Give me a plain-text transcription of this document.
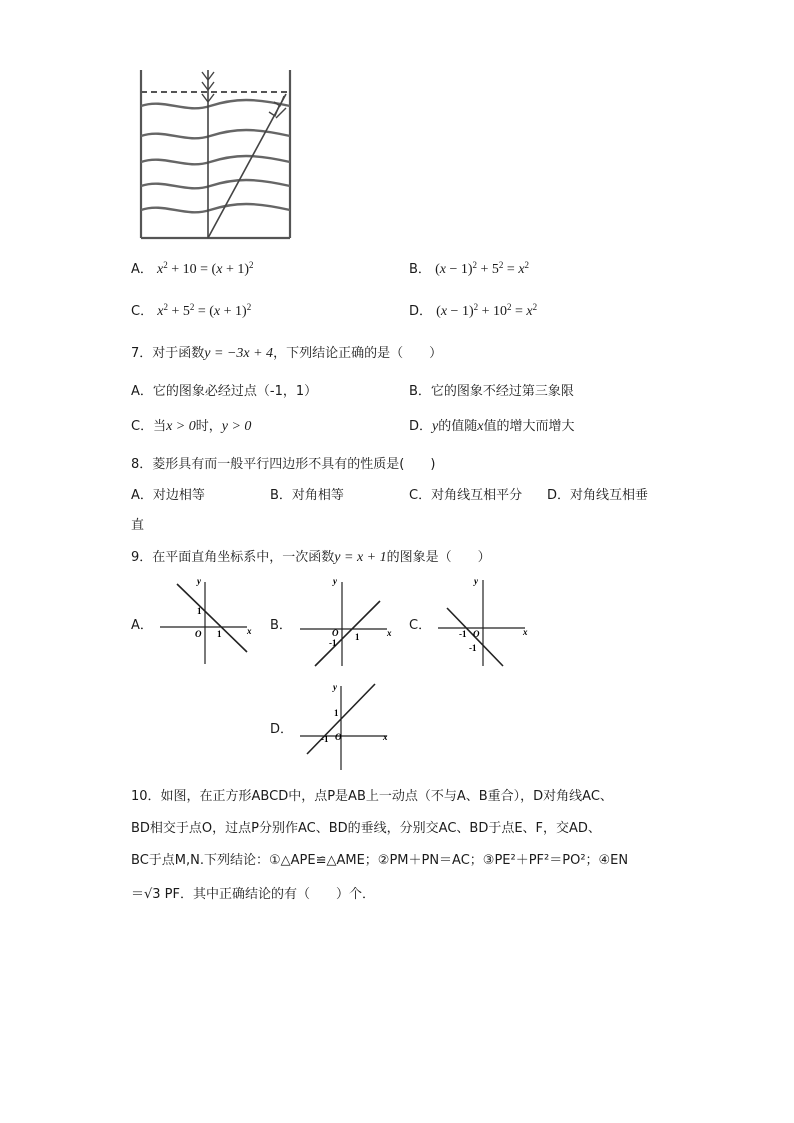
A． $x^2 + 10 = (x + 1)^2$	B． $(x - 1)^2 + 5^2 = x^2$
C． $x^2 + 5^2 = (x + 1)^2$	D． $(x - 1)^2 + 10^2 = x^2$
7．对于函数y = −3x + 4，下列结论正确的是（　　）
A．它的图象必经过点（-1，1）	B．它的图象不经过第三象限
C．当x > 0时，y > 0	D．y的值随x值的增大而增大
8．菱形具有而一般平行四边形不具有的性质是(　　)
A．对边相等	B．对角相等	C．对角线互相平分 D．对角线互相垂
直
9．在平面直角坐标系中，一次函数y = x + 1的图象是（　　）
A．	B．	C．
D．
y
x
1
O 1
y
x
O
-1
1
y
x
-1 O
-1
y
x
1
-1 O
10．如图，在正方形ABCD中，点P是AB上一动点（不与A、B重合），D对角线AC、
BD相交于点O，过点P分别作AC、BD的垂线，分别交AC、BD于点E、F，交AD、
BC于点M,N.下列结论：①△APE≌△AME；②PM＋PN＝AC；③PE²＋PF²＝PO²；④EN
＝√3 PF．其中正确结论的有（　　）个．
